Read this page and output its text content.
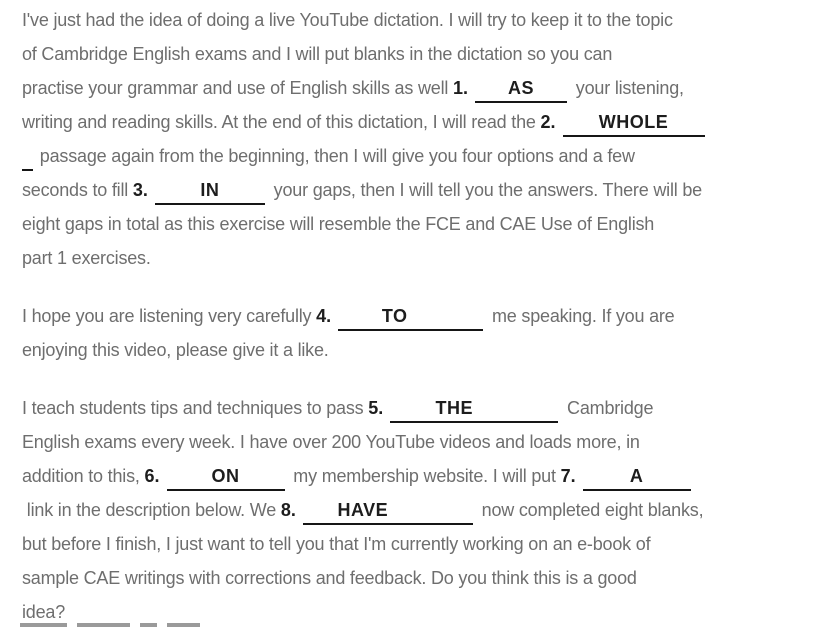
I've just had the idea of doing a live YouTube dictation. I will try to keep it to the topic
of Cambridge English exams and I will put blanks in the dictation so you can
practise your grammar and use of English skills as well 1. AS your listening,
writing and reading skills. At the end of this dictation, I will read the 2. WHOLE
passage again from the beginning, then I will give you four options and a few
seconds to fill 3.	IN	your gaps, then I will tell you the answers. There will be
eight gaps in total as this exercise will resemble the FCE and CAE Use of English
part 1 exercises.
I hope you are listening very carefully 4.	TO	me speaking. If you are
enjoying this video, please give it a like.
I teach students tips and techniques to pass 5.	THE	Cambridge
English exams every week. I have over 200 YouTube videos and loads more, in
addition to this, 6.	ON	my membership website. I will put 7.	A
link in the description below. We 8. HAVE	now completed eight blanks,
but before I finish, I just want to tell you that I'm currently working on an e-book of
sample CAE writings with corrections and feedback. Do you think this is a good
idea?
